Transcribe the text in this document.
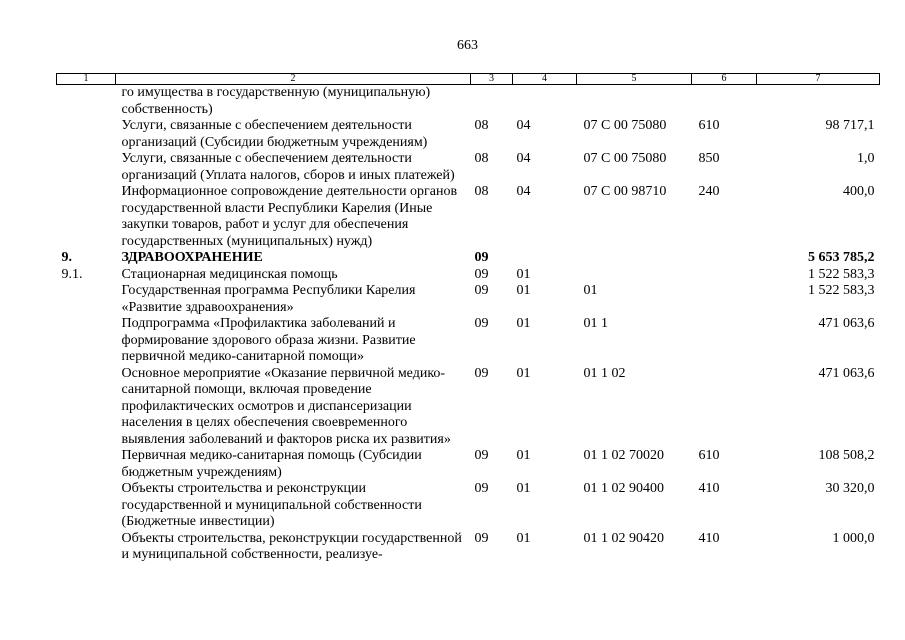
663
1	2	3	4	5	6	7
	го имущества в государственную (муниципальную) собственность)					
	Услуги, связанные с обеспечением деятельности организаций (Субсидии бюджетным учреждениям)	08	04	07 С 00 75080	610	98 717,1
	Услуги, связанные с обеспечением деятельности организаций (Уплата налогов, сборов и иных платежей)	08	04	07 С 00 75080	850	1,0
	Информационное сопровождение деятельности органов государственной власти Республики Карелия (Иные закупки товаров, работ и услуг для обеспечения государственных (муниципальных) нужд)	08	04	07 С 00 98710	240	400,0
9.	ЗДРАВООХРАНЕНИЕ	09				5 653 785,2
9.1.	Стационарная медицинская помощь	09	01			1 522 583,3
	Государственная программа Республики Карелия «Развитие здравоохранения»	09	01	01		1 522 583,3
	Подпрограмма «Профилактика заболеваний и формирование здорового образа жизни. Развитие первичной медико-санитарной помощи»	09	01	01 1		471 063,6
	Основное мероприятие «Оказание первичной медико-санитарной помощи, включая проведение профилактических осмотров и диспансеризации населения в целях обеспечения своевременного выявления заболеваний и факторов риска их развития»	09	01	01 1 02		471 063,6
	Первичная медико-санитарная помощь (Субсидии бюджетным учреждениям)	09	01	01 1 02 70020	610	108 508,2
	Объекты строительства и реконструкции государственной и муниципальной собственности (Бюджетные инвестиции)	09	01	01 1 02 90400	410	30 320,0
	Объекты строительства, реконструкции государственной и муниципальной собственности, реализуе-	09	01	01 1 02 90420	410	1 000,0
